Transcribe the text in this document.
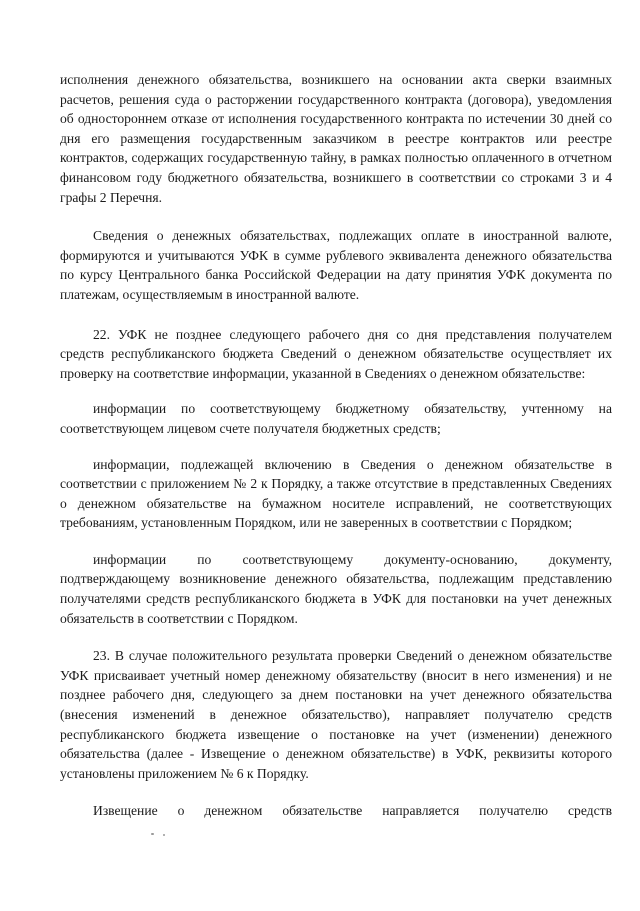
исполнения денежного обязательства, возникшего на основании акта сверки взаимных расчетов, решения суда о расторжении государственного контракта (договора), уведомления об одностороннем отказе от исполнения государственного контракта по истечении 30 дней со дня его размещения государственным заказчиком в реестре контрактов или реестре контрактов, содержащих государственную тайну, в рамках полностью оплаченного в отчетном финансовом году бюджетного обязательства, возникшего в соответствии со строками 3 и 4 графы 2 Перечня.

Сведения о денежных обязательствах, подлежащих оплате в иностранной валюте, формируются и учитываются УФК в сумме рублевого эквивалента денежного обязательства по курсу Центрального банка Российской Федерации на дату принятия УФК документа по платежам, осуществляемым в иностранной валюте.

22. УФК не позднее следующего рабочего дня со дня представления получателем средств республиканского бюджета Сведений о денежном обязательстве осуществляет их проверку на соответствие информации, указанной в Сведениях о денежном обязательстве:

информации по соответствующему бюджетному обязательству, учтенному на соответствующем лицевом счете получателя бюджетных средств;

информации, подлежащей включению в Сведения о денежном обязательстве в соответствии с приложением № 2 к Порядку, а также отсутствие в представленных Сведениях о денежном обязательстве на бумажном носителе исправлений, не соответствующих требованиям, установленным Порядком, или не заверенных в соответствии с Порядком;

информации по соответствующему документу-основанию, документу, подтверждающему возникновение денежного обязательства, подлежащим представлению получателями средств республиканского бюджета в УФК для постановки на учет денежных обязательств в соответствии с Порядком.

23. В случае положительного результата проверки Сведений о денежном обязательстве УФК присваивает учетный номер денежному обязательству (вносит в него изменения) и не позднее рабочего дня, следующего за днем постановки на учет денежного обязательства (внесения изменений в денежное обязательство), направляет получателю средств республиканского бюджета извещение о постановке на учет (изменении) денежного обязательства (далее - Извещение о денежном обязательстве) в УФК, реквизиты которого установлены приложением № 6 к Порядку.

Извещение о денежном обязательстве направляется получателю средств
